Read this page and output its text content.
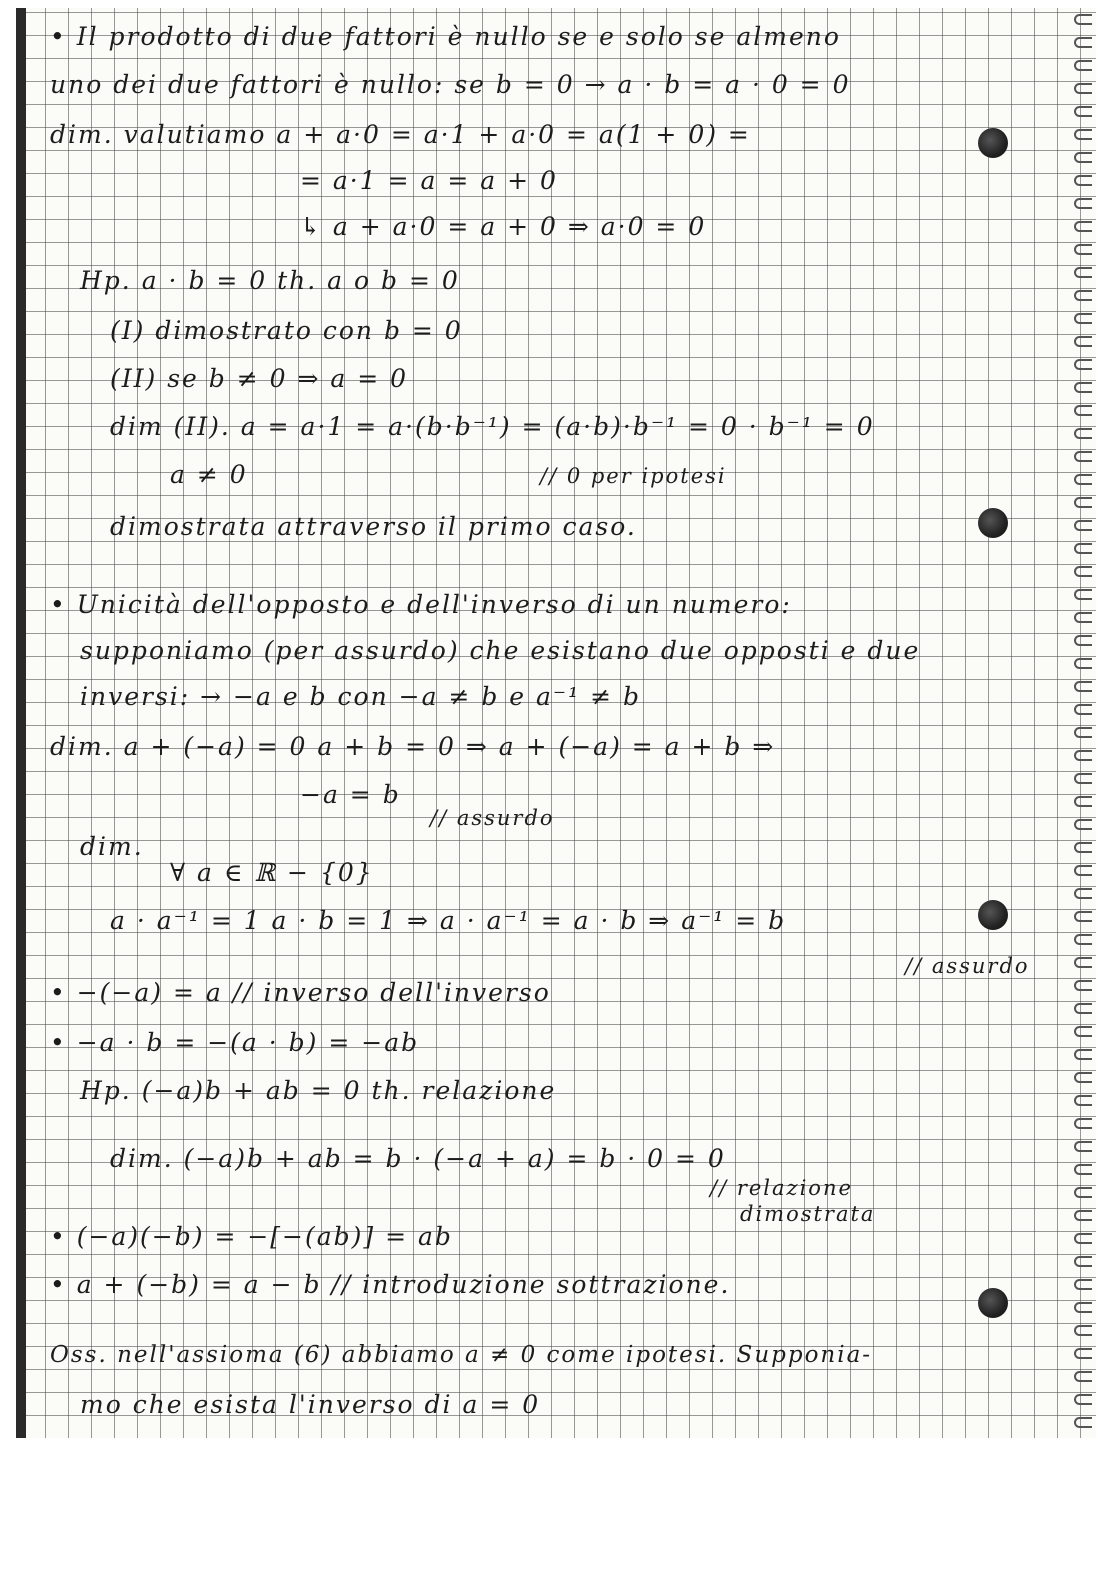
• Il prodotto di due fattori è nullo se e solo se almeno
uno dei due fattori è nullo: se b = 0 → a · b = a · 0 = 0
dim. valutiamo a + a·0 = a·1 + a·0 = a(1 + 0) =
= a·1 = a = a + 0
↳ a + a·0 = a + 0 ⇒ a·0 = 0
Hp. a · b = 0 th. a o b = 0
(I) dimostrato con b = 0
(II) se b ≠ 0 ⇒ a = 0
dim (II). a = a·1 = a·(b·b⁻¹) = (a·b)·b⁻¹ = 0 · b⁻¹ = 0
a ≠ 0	// 0 per ipotesi
dimostrata attraverso il primo caso.
• Unicità dell'opposto e dell'inverso di un numero:
supponiamo (per assurdo) che esistano due opposti e due
inversi: → −a e b con −a ≠ b e a⁻¹ ≠ b
dim. a + (−a) = 0 a + b = 0 ⇒ a + (−a) = a + b ⇒
−a = b
// assurdo
dim.
∀ a ∈ ℝ − {0}
a · a⁻¹ = 1 a · b = 1 ⇒ a · a⁻¹ = a · b ⇒ a⁻¹ = b
// assurdo
• −(−a) = a // inverso dell'inverso
• −a · b = −(a · b) = −ab
Hp. (−a)b + ab = 0 th. relazione
dim. (−a)b + ab = b · (−a + a) = b · 0 = 0
// relazione
dimostrata
• (−a)(−b) = −[−(ab)] = ab
• a + (−b) = a − b // introduzione sottrazione.
Oss. nell'assioma (6) abbiamo a ≠ 0 come ipotesi. Supponia-
mo che esista l'inverso di a = 0
